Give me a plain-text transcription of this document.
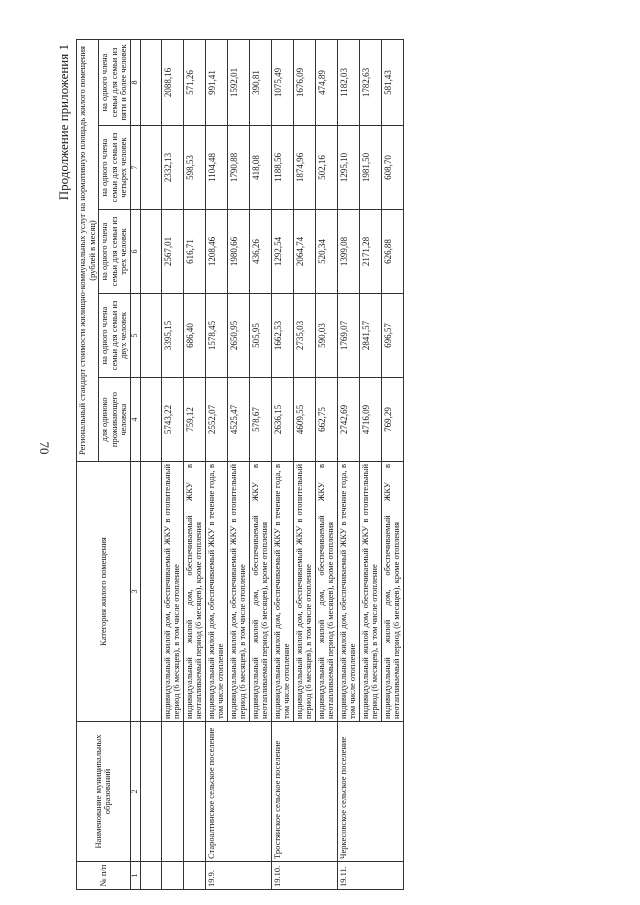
70
Продолжение приложения 1
№ п/п	Наименование муниципальных образований	Категория жилого помещения	Региональный стандарт стоимости жилищно-коммунальных услуг на нормативную площадь жилого помещения (рублей в месяц)				
			для одиноко проживающего человека	на одного члена семьи для семьи из двух человек	на одного члена семьи для семьи из трех человек	на одного члена семьи для семьи из четырех человек	на одного члена семьи для семьи из пяти и более человек
1	2	3	4	5	6	7	8

		индивидуальный жилой дом, обеспечиваемый ЖКУ в отопительный период (6 месяцев), в том числе отопление	5743,22	3395,15	2567,01	2332,13	2088,16
		индивидуальный жилой дом, обеспечиваемый ЖКУ в неотапливаемый период (6 месяцев), кроме отопления	759,12	686,40	616,71	598,53	571,26
19.9.	Староалтинское сельское поселение	индивидуальный жилой дом, обеспечиваемый ЖКУ в течение года, в том числе отопление	2552,07	1578,45	1208,46	1104,48	991,41
		индивидуальный жилой дом, обеспечиваемый ЖКУ в отопительный период (6 месяцев), в том числе отопление	4525,47	2650,95	1980,66	1790,88	1592,01
		индивидуальный жилой дом, обеспечиваемый ЖКУ в неотапливаемый период (6 месяцев), кроме отопления	578,67	505,95	436,26	418,08	390,81
19.10.	Тростянское сельское поселение	индивидуальный жилой дом, обеспечиваемый ЖКУ в течение года, в том числе отопление	2636,15	1662,53	1292,54	1188,56	1075,49
		индивидуальный жилой дом, обеспечиваемый ЖКУ в отопительный период (6 месяцев), в том числе отопление	4609,55	2735,03	2064,74	1874,96	1676,09
		индивидуальный жилой дом, обеспечиваемый ЖКУ в неотапливаемый период (6 месяцев), кроме отопления	662,75	590,03	520,34	502,16	474,89
19.11.	Черкесовское сельское поселение	индивидуальный жилой дом, обеспечиваемый ЖКУ в течение года, в том числе отопление	2742,69	1769,07	1399,08	1295,10	1182,03
		индивидуальный жилой дом, обеспечиваемый ЖКУ в отопительный период (6 месяцев), в том числе отопление	4716,09	2841,57	2171,28	1981,50	1782,63
		индивидуальный жилой дом, обеспечиваемый ЖКУ в неотапливаемый период (6 месяцев), кроме отопления	769,29	696,57	626,88	608,70	581,43
